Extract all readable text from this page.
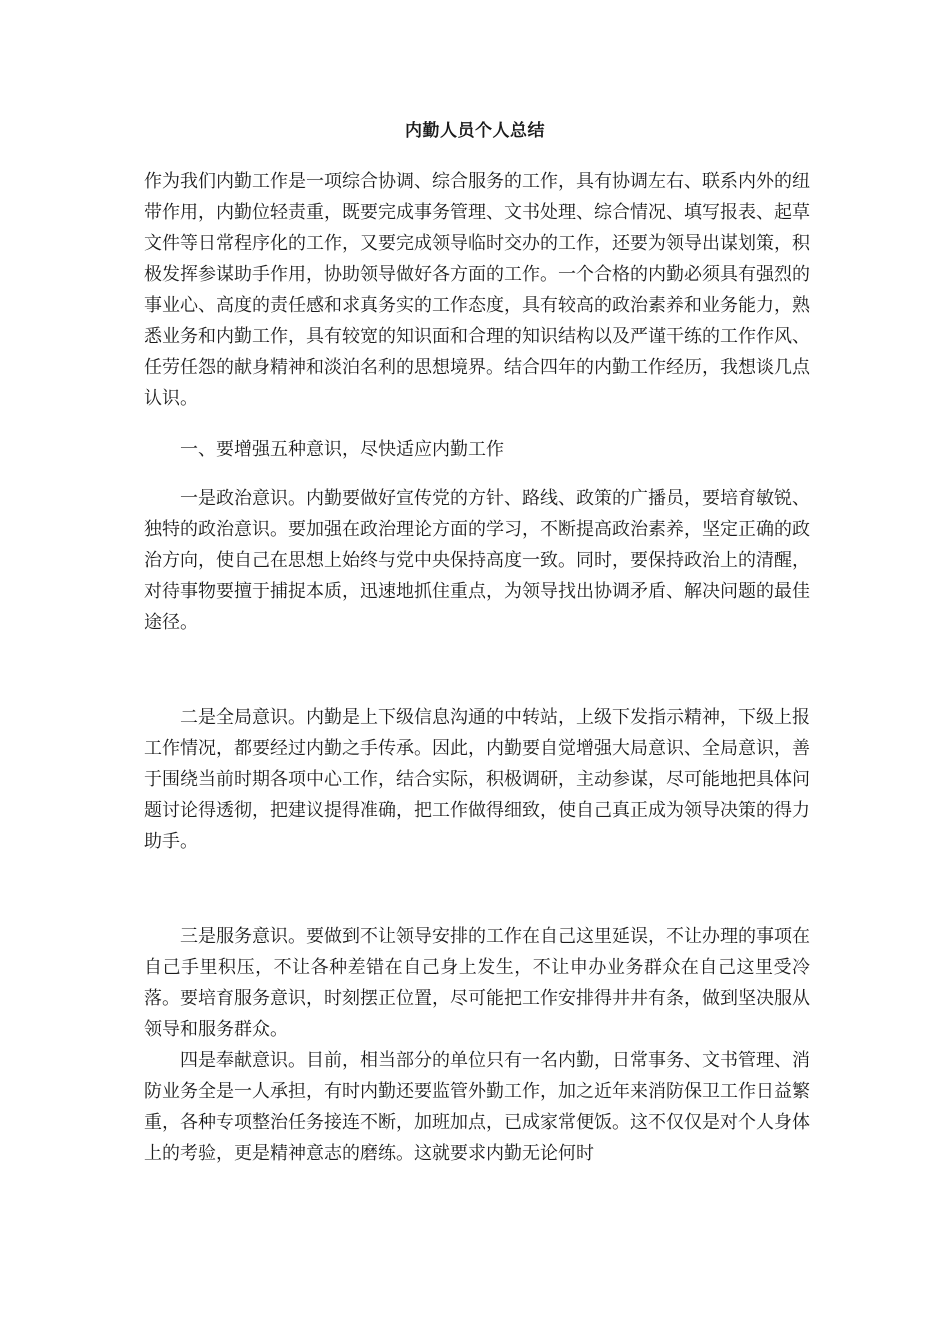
内勤人员个人总结

作为我们内勤工作是一项综合协调、综合服务的工作，具有协调左右、联系内外的纽带作用，内勤位轻责重，既要完成事务管理、文书处理、综合情况、填写报表、起草文件等日常程序化的工作，又要完成领导临时交办的工作，还要为领导出谋划策，积极发挥参谋助手作用，协助领导做好各方面的工作。一个合格的内勤必须具有强烈的事业心、高度的责任感和求真务实的工作态度，具有较高的政治素养和业务能力，熟悉业务和内勤工作，具有较宽的知识面和合理的知识结构以及严谨干练的工作作风、任劳任怨的献身精神和淡泊名利的思想境界。结合四年的内勤工作经历，我想谈几点认识。

一、要增强五种意识，尽快适应内勤工作

一是政治意识。内勤要做好宣传党的方针、路线、政策的广播员，要培育敏锐、独特的政治意识。要加强在政治理论方面的学习，不断提高政治素养，坚定正确的政治方向，使自己在思想上始终与党中央保持高度一致。同时，要保持政治上的清醒，对待事物要擅于捕捉本质，迅速地抓住重点，为领导找出协调矛盾、解决问题的最佳途径。

二是全局意识。内勤是上下级信息沟通的中转站，上级下发指示精神，下级上报工作情况，都要经过内勤之手传承。因此，内勤要自觉增强大局意识、全局意识，善于围绕当前时期各项中心工作，结合实际，积极调研，主动参谋，尽可能地把具体问题讨论得透彻，把建议提得准确，把工作做得细致，使自己真正成为领导决策的得力助手。

三是服务意识。要做到不让领导安排的工作在自己这里延误，不让办理的事项在自己手里积压，不让各种差错在自己身上发生，不让申办业务群众在自己这里受冷落。要培育服务意识，时刻摆正位置，尽可能把工作安排得井井有条，做到坚决服从领导和服务群众。

四是奉献意识。目前，相当部分的单位只有一名内勤，日常事务、文书管理、消防业务全是一人承担，有时内勤还要监管外勤工作，加之近年来消防保卫工作日益繁重，各种专项整治任务接连不断，加班加点，已成家常便饭。这不仅仅是对个人身体上的考验，更是精神意志的磨练。这就要求内勤无论何时
